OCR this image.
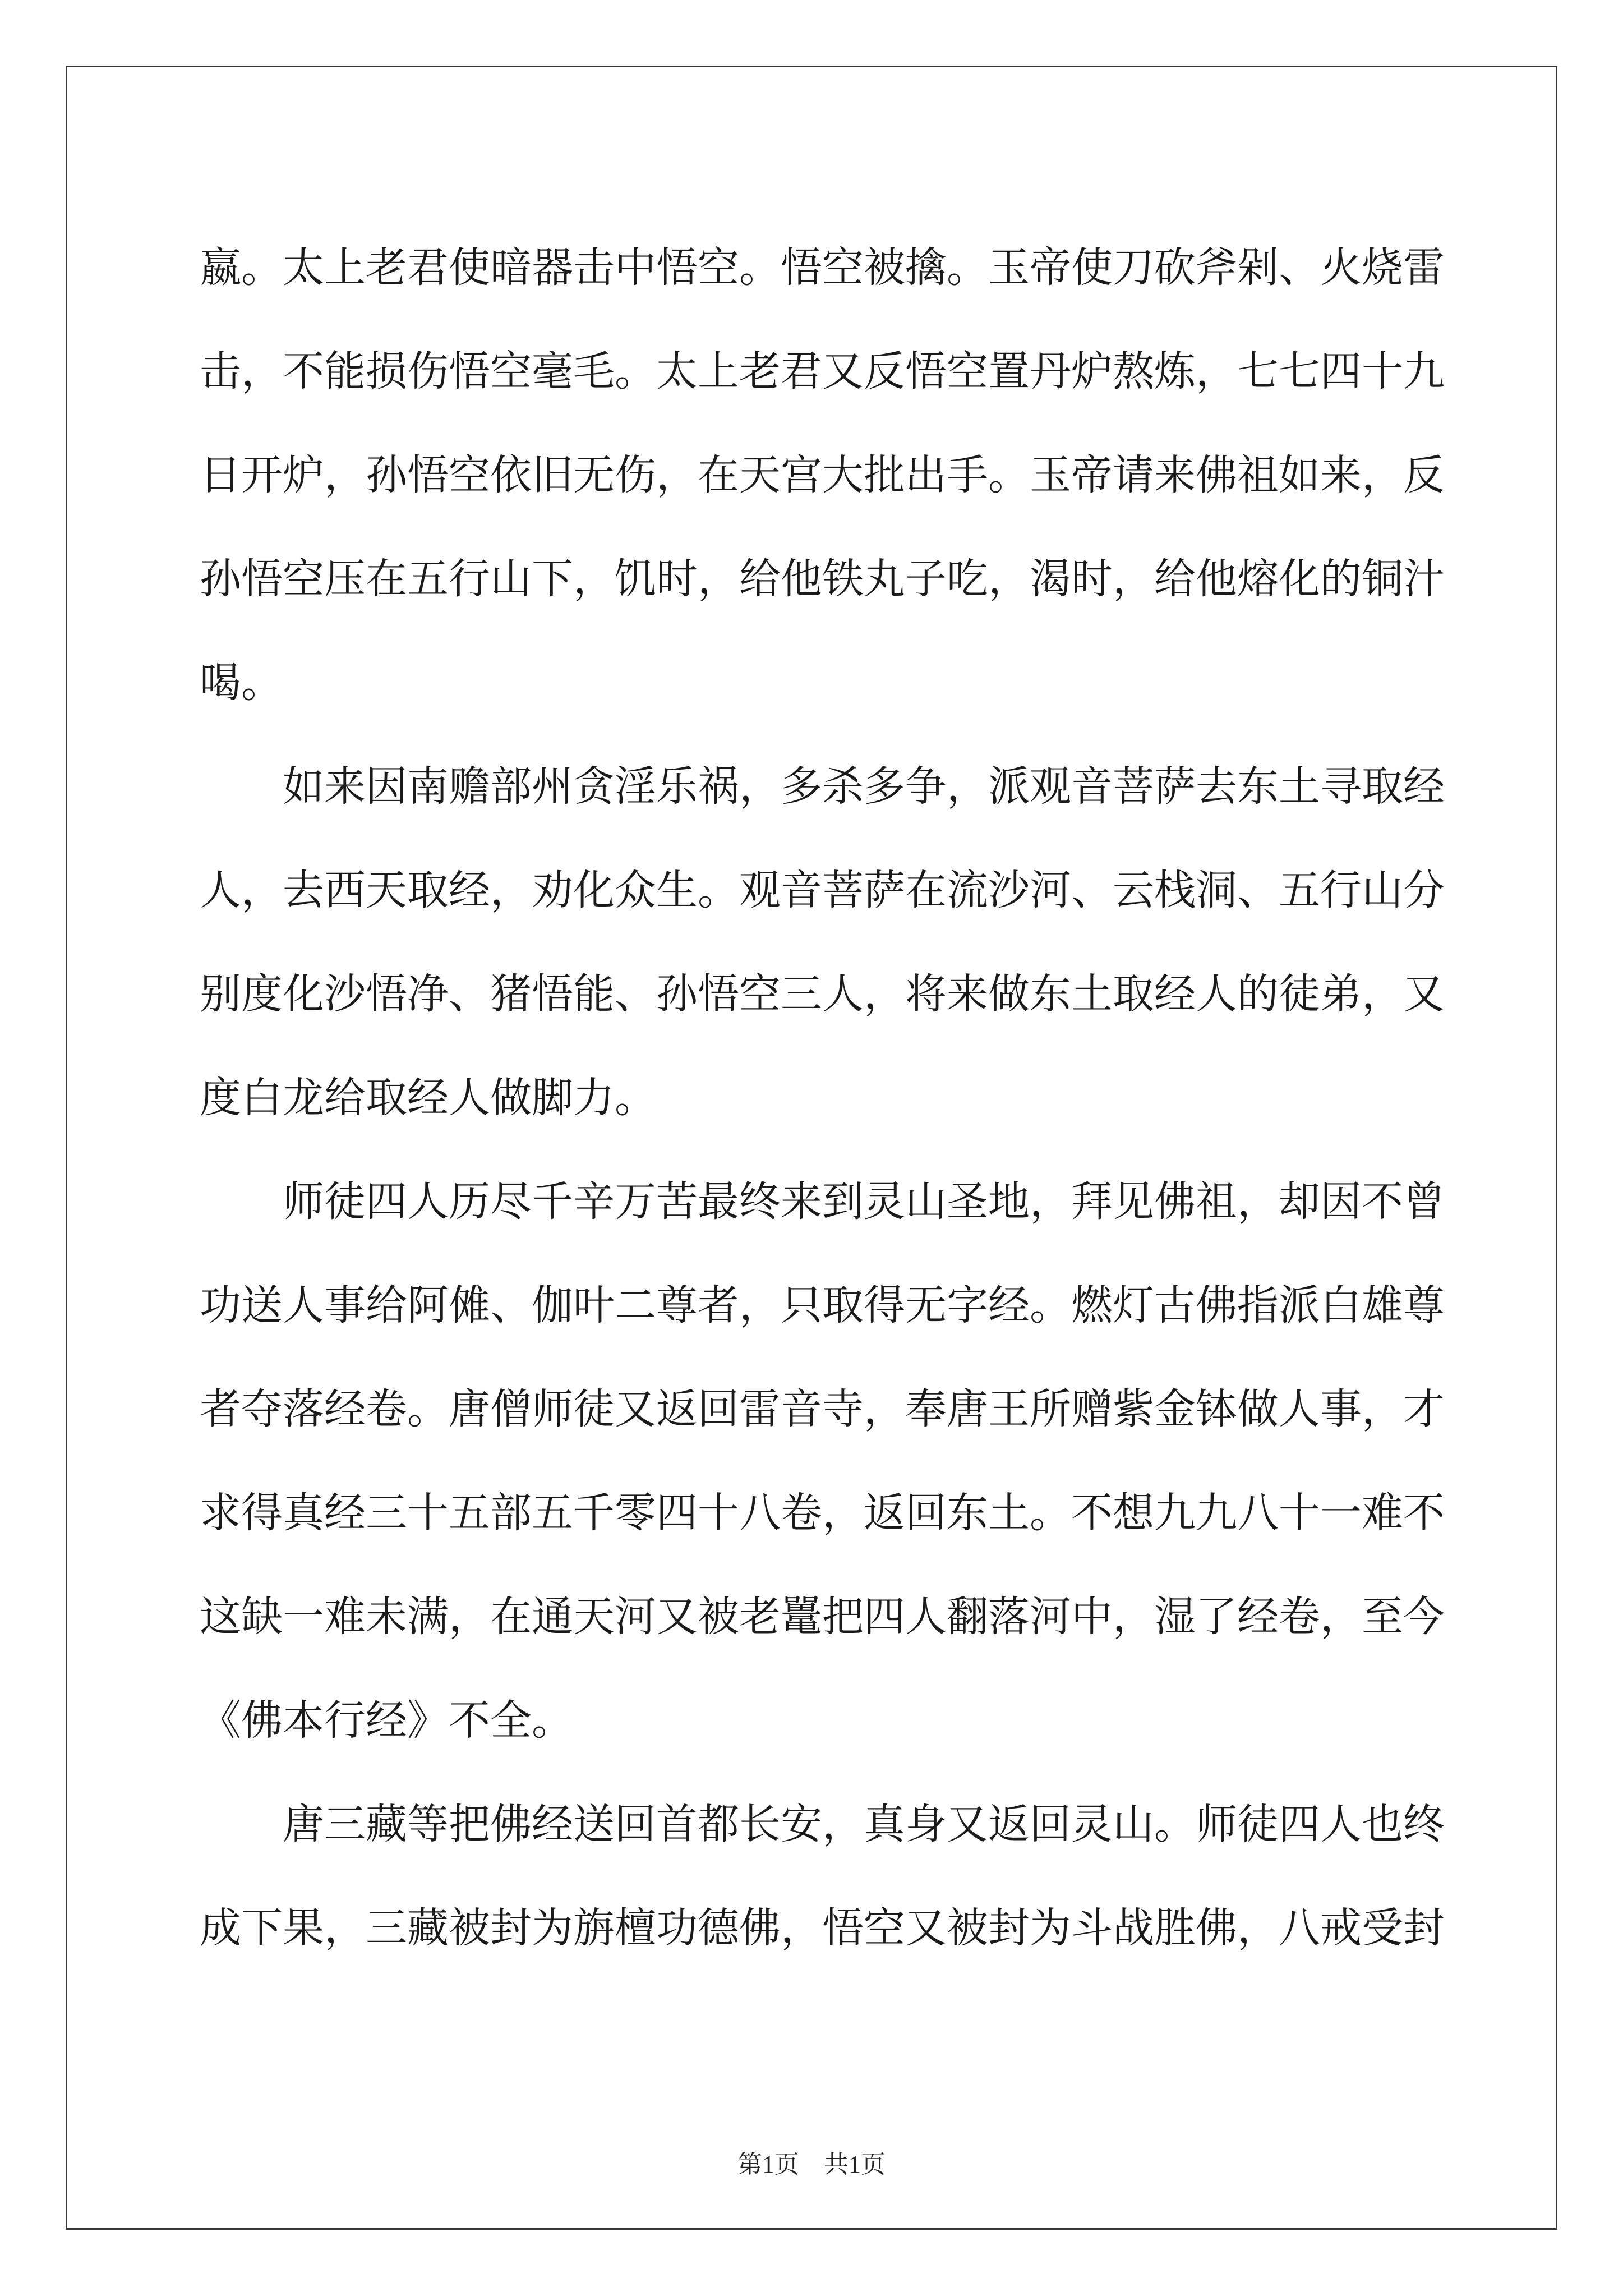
嬴 。 太 上 老 君 使 暗 器 击 中 悟 空 。 悟 空 被 擒 。 玉 帝 使 刀 砍 斧 剁 、 火 烧 雷
击 ， 不 能 损 伤 悟 空 毫 毛 。 太 上 老 君 又 反 悟 空 置 丹 炉 熬 炼 ， 七 七 四 十 九
日 开 炉 ， 孙 悟 空 依 旧 无 伤 ， 在 天 宫 大 批 出 手 。 玉 帝 请 来 佛 祖 如 来 ， 反
孙 悟 空 压 在 五 行 山 下 ， 饥 时 ， 给 他 铁 丸 子 吃 ， 渴 时 ， 给 他 熔 化 的 铜 汁
喝。
如 来 因 南 赡 部 州 贪 淫 乐 祸 ， 多 杀 多 争 ， 派 观 音 菩 萨 去 东 土 寻 取 经
人 ， 去 西 天 取 经 ， 劝 化 众 生 。 观 音 菩 萨 在 流 沙 河 、 云 栈 洞 、 五 行 山 分
别 度 化 沙 悟 净 、 猪 悟 能 、 孙 悟 空 三 人 ， 将 来 做 东 土 取 经 人 的 徒 弟 ， 又
度白龙给取经人做脚力。
师 徒 四 人 历 尽 千 辛 万 苦 最 终 来 到 灵 山 圣 地 ， 拜 见 佛 祖 ， 却 因 不 曾
功 送 人 事 给 阿 傩 、 伽 叶 二 尊 者 ， 只 取 得 无 字 经 。 燃 灯 古 佛 指 派 白 雄 尊
者 夺 落 经 卷 。 唐 僧 师 徒 又 返 回 雷 音 寺 ， 奉 唐 王 所 赠 紫 金 钵 做 人 事 ， 才
求 得 真 经 三 十 五 部 五 千 零 四 十 八 卷 ， 返 回 东 土 。 不 想 九 九 八 十 一 难 不
这 缺 一 难 未 满 ， 在 通 天 河 又 被 老 鼍 把 四 人 翻 落 河 中 ， 湿 了 经 卷 ， 至 今
《佛本行经》不全。
唐 三 藏 等 把 佛 经 送 回 首 都 长 安 ， 真 身 又 返 回 灵 山 。 师 徒 四 人 也 终
成 下 果 ， 三 藏 被 封 为 旃 檀 功 德 佛 ， 悟 空 又 被 封 为 斗 战 胜 佛 ， 八 戒 受 封
第1页　共1页
